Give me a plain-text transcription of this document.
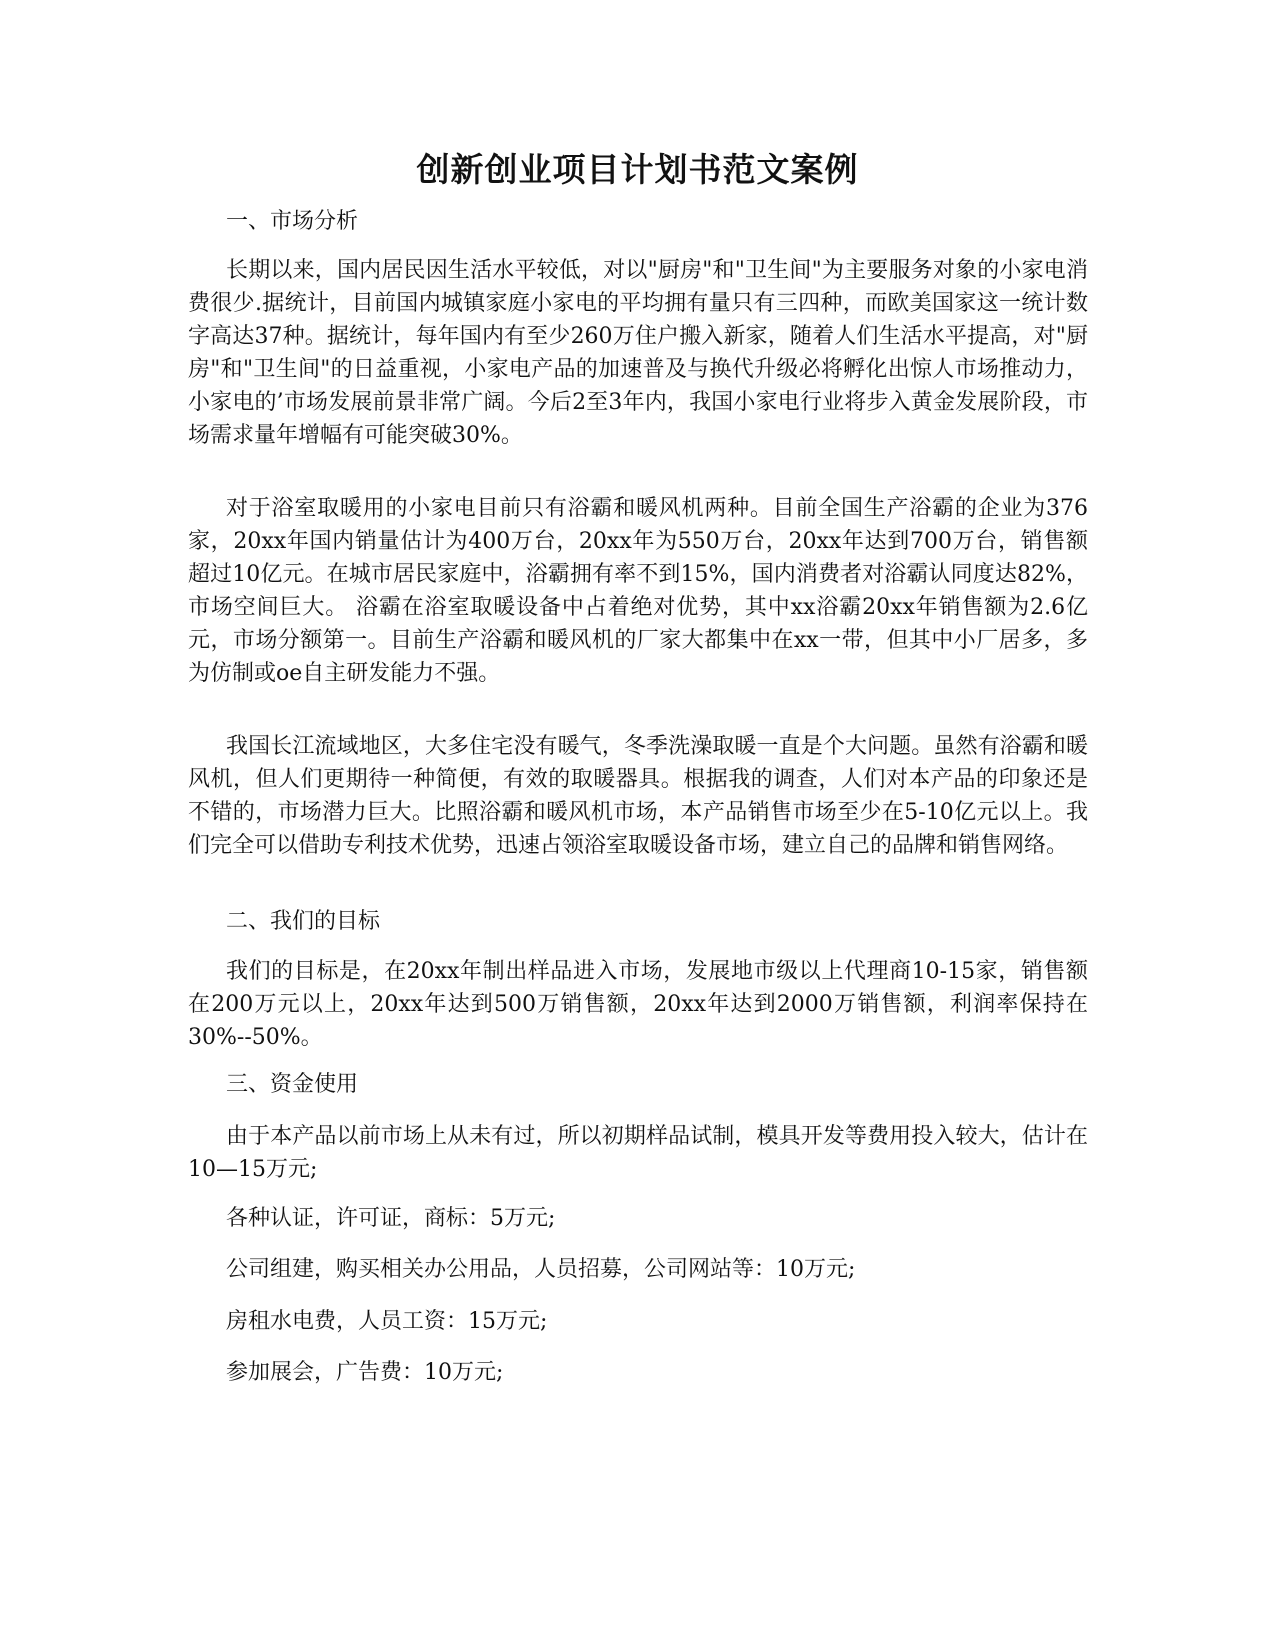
创新创业项目计划书范文案例

一、市场分析

长期以来，国内居民因生活水平较低，对以"厨房"和"卫生间"为主要服务对象的小家电消费很少.据统计，目前国内城镇家庭小家电的平均拥有量只有三四种，而欧美国家这一统计数字高达37种。据统计，每年国内有至少260万住户搬入新家，随着人们生活水平提高，对"厨房"和"卫生间"的日益重视，小家电产品的加速普及与换代升级必将孵化出惊人市场推动力，小家电的’市场发展前景非常广阔。今后2至3年内，我国小家电行业将步入黄金发展阶段，市场需求量年增幅有可能突破30%。

对于浴室取暖用的小家电目前只有浴霸和暖风机两种。目前全国生产浴霸的企业为376家，20xx年国内销量估计为400万台，20xx年为550万台，20xx年达到700万台，销售额超过10亿元。在城市居民家庭中，浴霸拥有率不到15%，国内消费者对浴霸认同度达82%，市场空间巨大。 浴霸在浴室取暖设备中占着绝对优势，其中xx浴霸20xx年销售额为2.6亿元，市场分额第一。目前生产浴霸和暖风机的厂家大都集中在xx一带，但其中小厂居多，多为仿制或oe自主研发能力不强。

我国长江流域地区，大多住宅没有暖气，冬季洗澡取暖一直是个大问题。虽然有浴霸和暖风机，但人们更期待一种简便，有效的取暖器具。根据我的调查，人们对本产品的印象还是不错的，市场潜力巨大。比照浴霸和暖风机市场，本产品销售市场至少在5-10亿元以上。我们完全可以借助专利技术优势，迅速占领浴室取暖设备市场，建立自己的品牌和销售网络。

二、我们的目标

我们的目标是，在20xx年制出样品进入市场，发展地市级以上代理商10-15家，销售额在200万元以上，20xx年达到500万销售额，20xx年达到2000万销售额，利润率保持在30%--50%。

三、资金使用

由于本产品以前市场上从未有过，所以初期样品试制，模具开发等费用投入较大，估计在10—15万元;

各种认证，许可证，商标：5万元;

公司组建，购买相关办公用品，人员招募，公司网站等：10万元;

房租水电费，人员工资：15万元;

参加展会，广告费：10万元;
